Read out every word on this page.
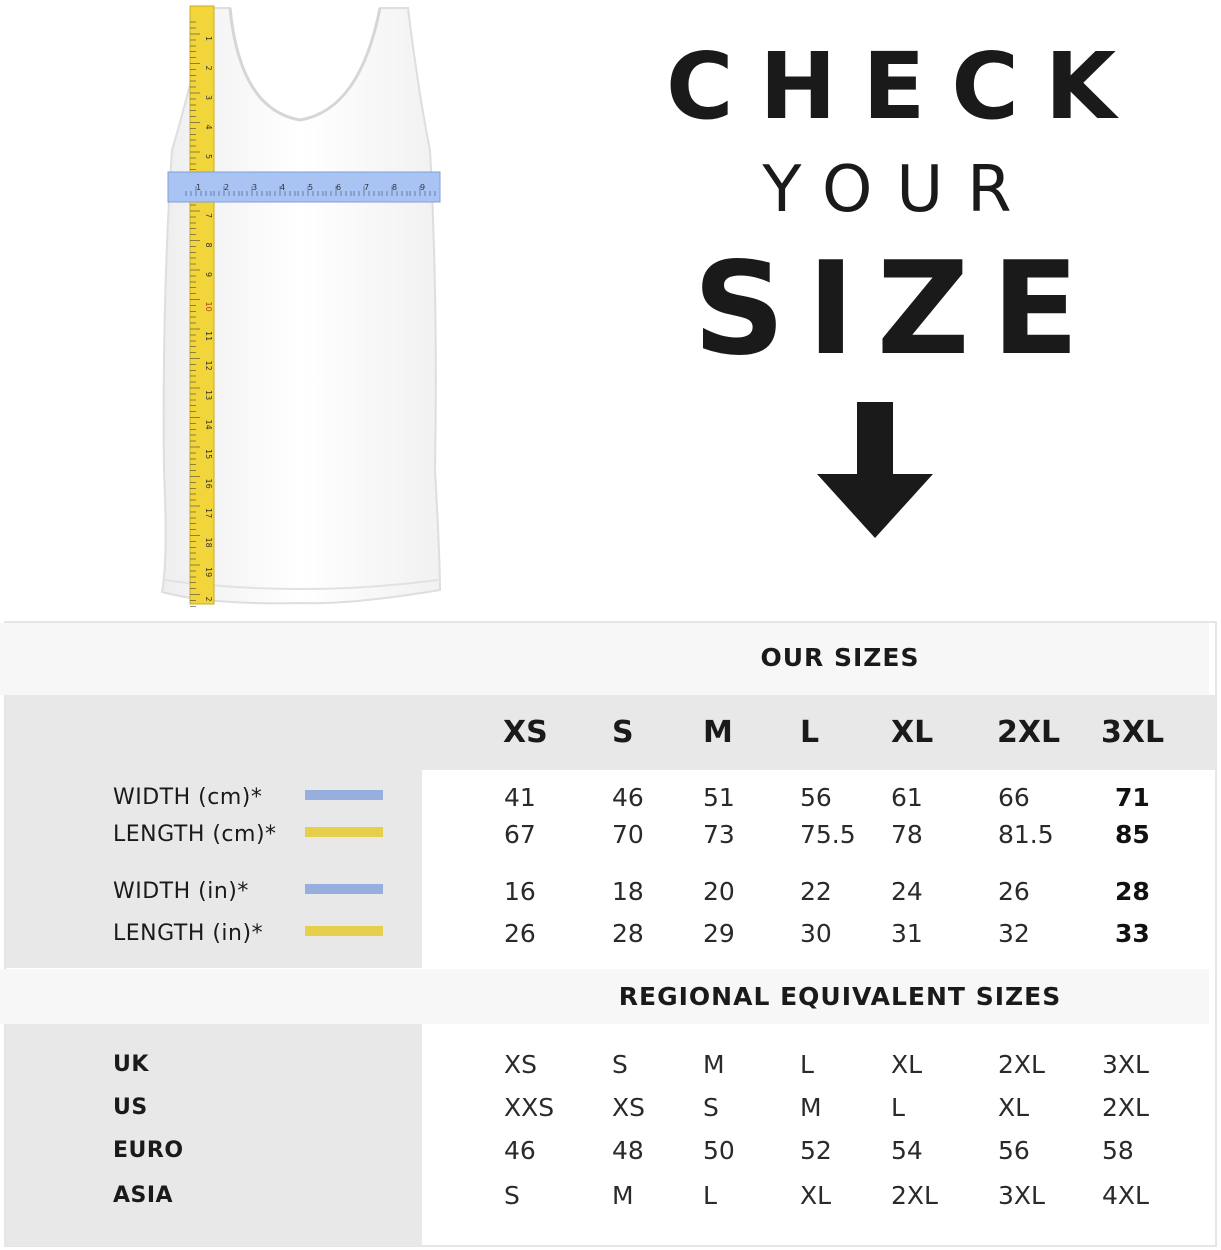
1
2
3
4
5
7
8
9
10
11
12
13
14
15
16
17
18
19
2
1	2	3	4	5	6	7	8	9
CHECK
YOUR
SIZE
OUR SIZES
XS S M L XL 2XL 3XL
WIDTH (cm)*	41	46 51	56 61	66	71
LENGTH (cm)*	67	70 73	75.5 78	81.5 85
WIDTH (in)*	16	18 20	22 24	26	28
LENGTH (in)*	26	28 29	30 31	32	33
REGIONAL EQUIVALENT SIZES
UK	XS	S	M	L	XL	2XL 3XL
US	XXS XS S	M	L	XL	2XL
EURO	46	48 50	52 54	56	58
ASIA	S	M	L	XL 2XL 3XL 4XL
